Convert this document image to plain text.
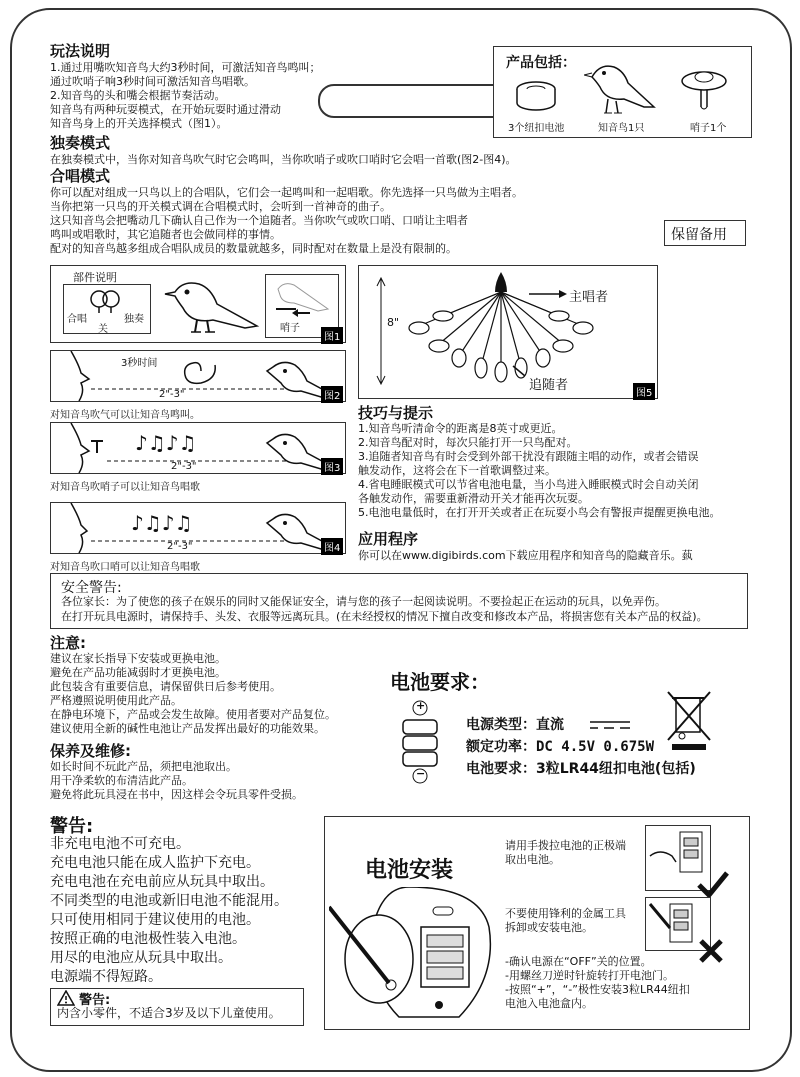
玩法说明
1.通过用嘴吹知音鸟大约3秒时间，可激活知音鸟鸣叫；
通过吹哨子响3秒时间可激活知音鸟唱歌。
2.知音鸟的头和嘴会根据节奏活动。
知音鸟有两种玩耍模式，在开始玩耍时通过滑动
知音鸟身上的开关选择模式（图1）。
产品包括：
3个纽扣电池	知音鸟1只	哨子1个
独奏模式
在独奏模式中，当你对知音鸟吹气时它会鸣叫，当你吹哨子或吹口哨时它会唱一首歌(图2-图4)。
合唱模式
你可以配对组成一只鸟以上的合唱队，它们会一起鸣叫和一起唱歌。你先选择一只鸟做为主唱者。
当你把第一只鸟的开关模式调在合唱模式时，会听到一首神奇的曲子。
这只知音鸟会把嘴动几下确认自己作为一个追随者。当你吹气或吹口哨、口哨让主唱者
鸣叫或唱歌时，其它追随者也会做同样的事情。
配对的知音鸟越多组成合唱队成员的数量就越多，同时配对在数量上是没有限制的。
保留备用
部件说明
合唱
关
独奏
哨子
图1
3秒时间
2"-3"	图2
对知音鸟吹气可以让知音鸟鸣叫。
♪♫♪♫
2"-3"	图3
对知音鸟吹哨子可以让知音鸟唱歌
♪♫♪♫
2"-3"	图4
对知音鸟吹口哨可以让知音鸟唱歌
8"
主唱者
追随者
图5
技巧与提示
1.知音鸟听清命令的距离是8英寸或更近。
2.知音鸟配对时，每次只能打开一只鸟配对。
3.追随者知音鸟有时会受到外部干扰没有跟随主唱的动作，或者会错误
触发动作，这将会在下一首歌调整过来。
4.省电睡眠模式可以节省电池电量，当小鸟进入睡眠模式时会自动关闭
各触发动作，需要重新滑动开关才能再次玩耍。
5.电池电量低时，在打开开关或者正在玩耍小鸟会有警报声提醒更换电池。
应用程序
你可以在www.digibirds.com下载应用程序和知音鸟的隐藏音乐。蓺
安全警告:
各位家长：为了使您的孩子在娱乐的同时又能保证安全，请与您的孩子一起阅读说明。不要捡起正在运动的玩具，以免弄伤。
在打开玩具电源时，请保持手、头发、衣服等远离玩具。(在未经授权的情况下擅自改变和修改本产品，将损害您有关本产品的权益)。
注意:
建议在家长指导下安装或更换电池。
避免在产品功能减弱时才更换电池。
此包装含有重要信息，请保留供日后参考使用。
严格遵照说明使用此产品。
在静电环境下，产品或会发生故障。使用者要对产品复位。
建议使用全新的碱性电池让产品发挥出最好的功能效果。
保养及维修:
如长时间不玩此产品，须把电池取出。
用干净柔软的布清洁此产品。
避免将此玩具浸在书中，因这样会令玩具零件受损。
电池要求：
+
−
电源类型：直流
额定功率：DC 4.5V 0.675W
电池要求：3粒LR44纽扣电池(包括)
警告:
非充电电池不可充电。
充电电池只能在成人监护下充电。
充电电池在充电前应从玩具中取出。
不同类型的电池或新旧电池不能混用。
只可使用相同于建议使用的电池。
按照正确的电池极性装入电池。
用尽的电池应从玩具中取出。
电源端不得短路。
警告:
内含小零件，不适合3岁及以下儿童使用。
电池安装
请用手拨拉电池的正极端
取出电池。
不要使用锋利的金属工具
拆卸或安装电池。
-确认电源在“OFF”关的位置。
-用螺丝刀逆时针旋转打开电池门。
-按照“+”，“-”极性安装3粒LR44纽扣
电池入电池盒内。
